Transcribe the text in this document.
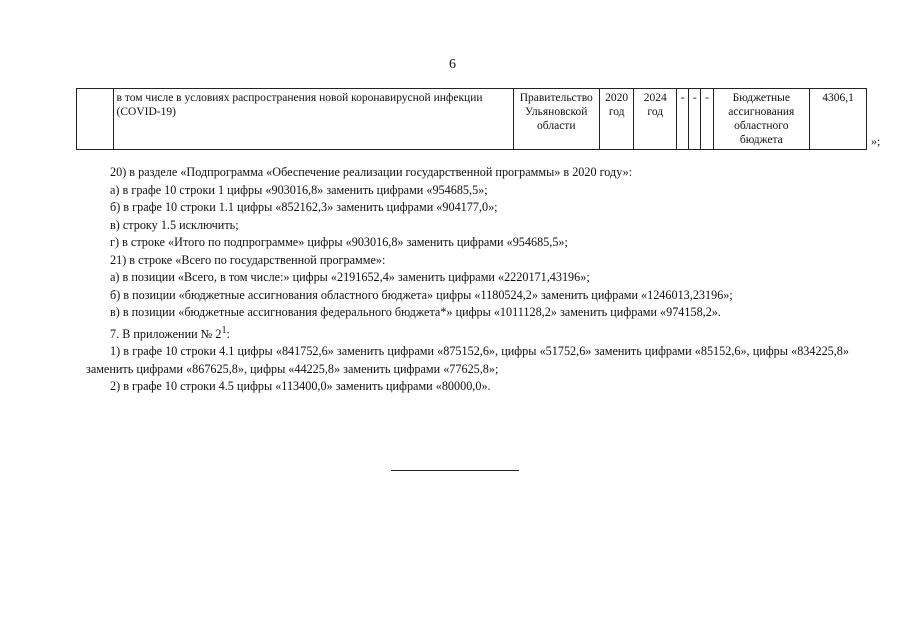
6
	в том числе в условиях распространения новой коронавирусной инфекции (COVID-19)	Правительство Ульяновской области	2020 год	2024 год	-	-	-	Бюджетные ассигнования областного бюджета	4306,1
»;

20) в разделе «Подпрограмма «Обеспечение реализации государственной программы» в 2020 году»:

а) в графе 10 строки 1 цифры «903016,8» заменить цифрами «954685,5»;

б) в графе 10 строки 1.1 цифры «852162,3» заменить цифрами «904177,0»;

в) строку 1.5 исключить;

г) в строке «Итого по подпрограмме» цифры «903016,8» заменить цифрами «954685,5»;

21) в строке «Всего по государственной программе»:

а) в позиции «Всего, в том числе:» цифры «2191652,4» заменить цифрами «2220171,43196»;

б) в позиции «бюджетные ассигнования областного бюджета» цифры «1180524,2» заменить цифрами «1246013,23196»;

в) в позиции «бюджетные ассигнования федерального бюджета*» цифры «1011128,2» заменить цифрами «974158,2».

7. В приложении № $2^1$:

1) в графе 10 строки 4.1 цифры «841752,6» заменить цифрами «875152,6», цифры «51752,6» заменить цифрами «85152,6», цифры «834225,8» заменить цифрами «867625,8», цифры «44225,8» заменить цифрами «77625,8»;

2) в графе 10 строки 4.5 цифры «113400,0» заменить цифрами «80000,0».
